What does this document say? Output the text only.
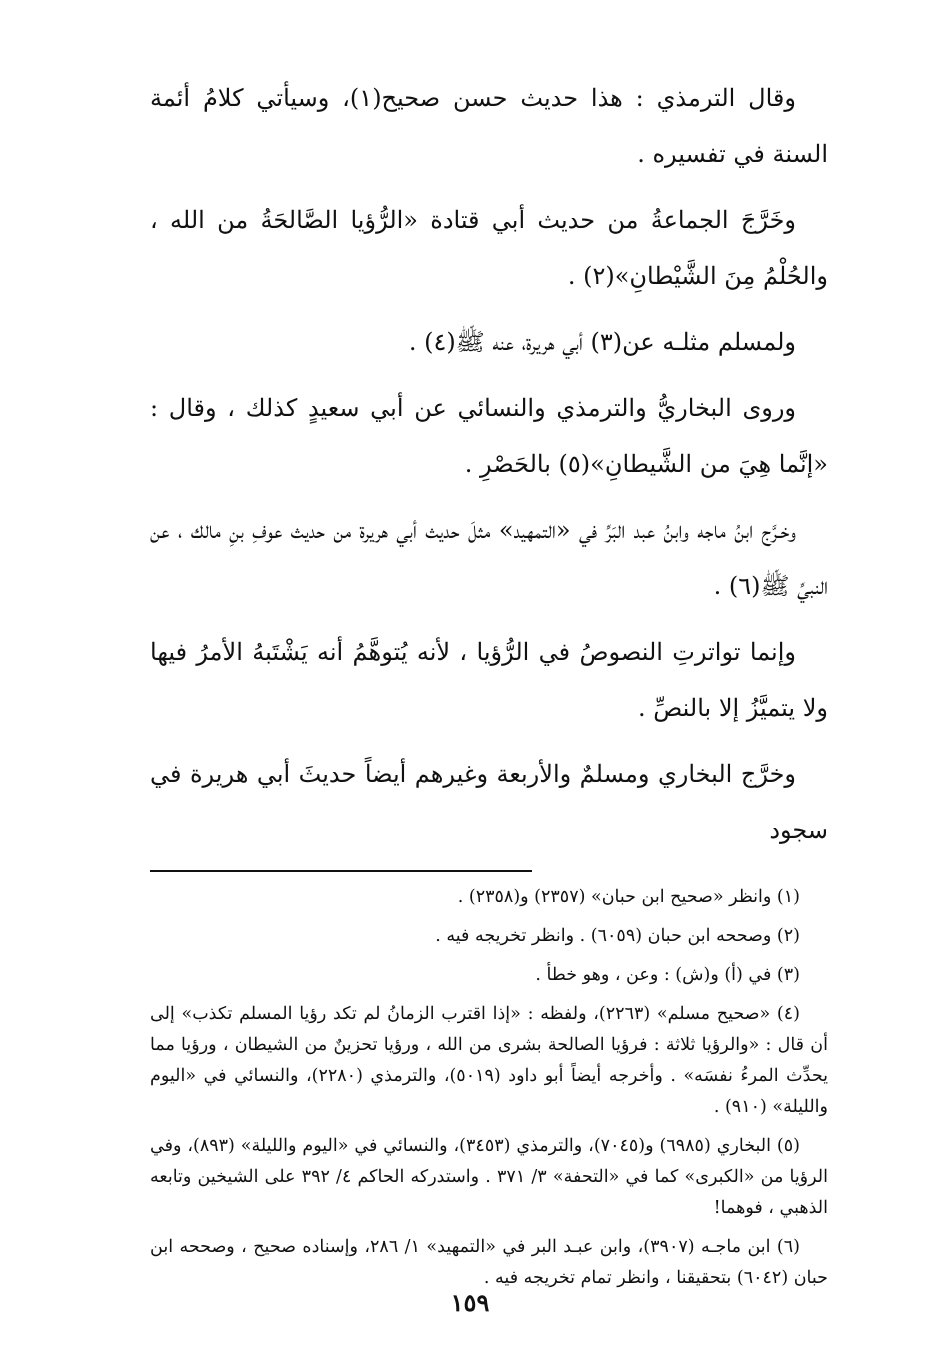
وقال الترمذي : هذا حديث حسن صحيح(١)، وسيأتي كلامُ أئمة السنة في تفسيره .

وخَرَّجَ الجماعةُ من حديث أبي قتادة «الرُّؤيا الصَّالحَةُ من الله ، والحُلْمُ مِنَ الشَّيْطانِ»(٢) .

ولمسلم مثلـه عن(٣) أبي هريرة، عنه ﷺ(٤) .

وروى البخاريُّ والترمذي والنسائي عن أبي سعيدٍ كذلك ، وقال : «إنَّما هِيَ من الشَّيطانِ»(٥) بالحَصْرِ .

وخـرَّج ابنُ ماجه وابنُ عبد البَرِّ في «التمهيد» مثلَ حديث أبي هريرة من حديث عوفِ بنِ مالك ، عن النبيِّ ﷺ(٦) .

وإنما تواترتِ النصوصُ في الرُّؤيا ، لأنه يُتوهَّمُ أنه يَشْتَبهُ الأمرُ فيها ولا يتميَّزُ إلا بالنصِّ .

وخرَّج البخاري ومسلمٌ والأربعة وغيرهم أيضاً حديثَ أبي هريرة في سجود

(١) وانظر «صحيح ابن حبان» (٢٣٥٧) و(٢٣٥٨) .

(٢) وصححه ابن حبان (٦٠٥٩) . وانظر تخريجه فيه .

(٣) في (أ) و(ش) : وعن ، وهو خطأ .

(٤) «صحيح مسلم» (٢٢٦٣)، ولفظه : «إذا اقترب الزمانُ لم تكد رؤيا المسلم تكذب» إلى أن قال : «والرؤيا ثلاثة : فرؤيا الصالحة بشرى من الله ، ورؤيا تحزينٌ من الشيطان ، ورؤيا مما يحدِّث المرءُ نفسَه» . وأخرجه أيضاً أبو داود (٥٠١٩)، والترمذي (٢٢٨٠)، والنسائي في «اليوم والليلة» (٩١٠) .

(٥) البخاري (٦٩٨٥) و(٧٠٤٥)، والترمذي (٣٤٥٣)، والنسائي في «اليوم والليلة» (٨٩٣)، وفي الرؤيا من «الكبرى» كما في «التحفة» ٣/ ٣٧١ . واستدركه الحاكم ٤/ ٣٩٢ على الشيخين وتابعه الذهبي ، فوهما!

(٦) ابن ماجـه (٣٩٠٧)، وابن عبـد البر في «التمهيد» ١/ ٢٨٦، وإسناده صحيح ، وصححه ابن حبان (٦٠٤٢) بتحقيقنا ، وانظر تمام تخريجه فيه .

١٥٩
